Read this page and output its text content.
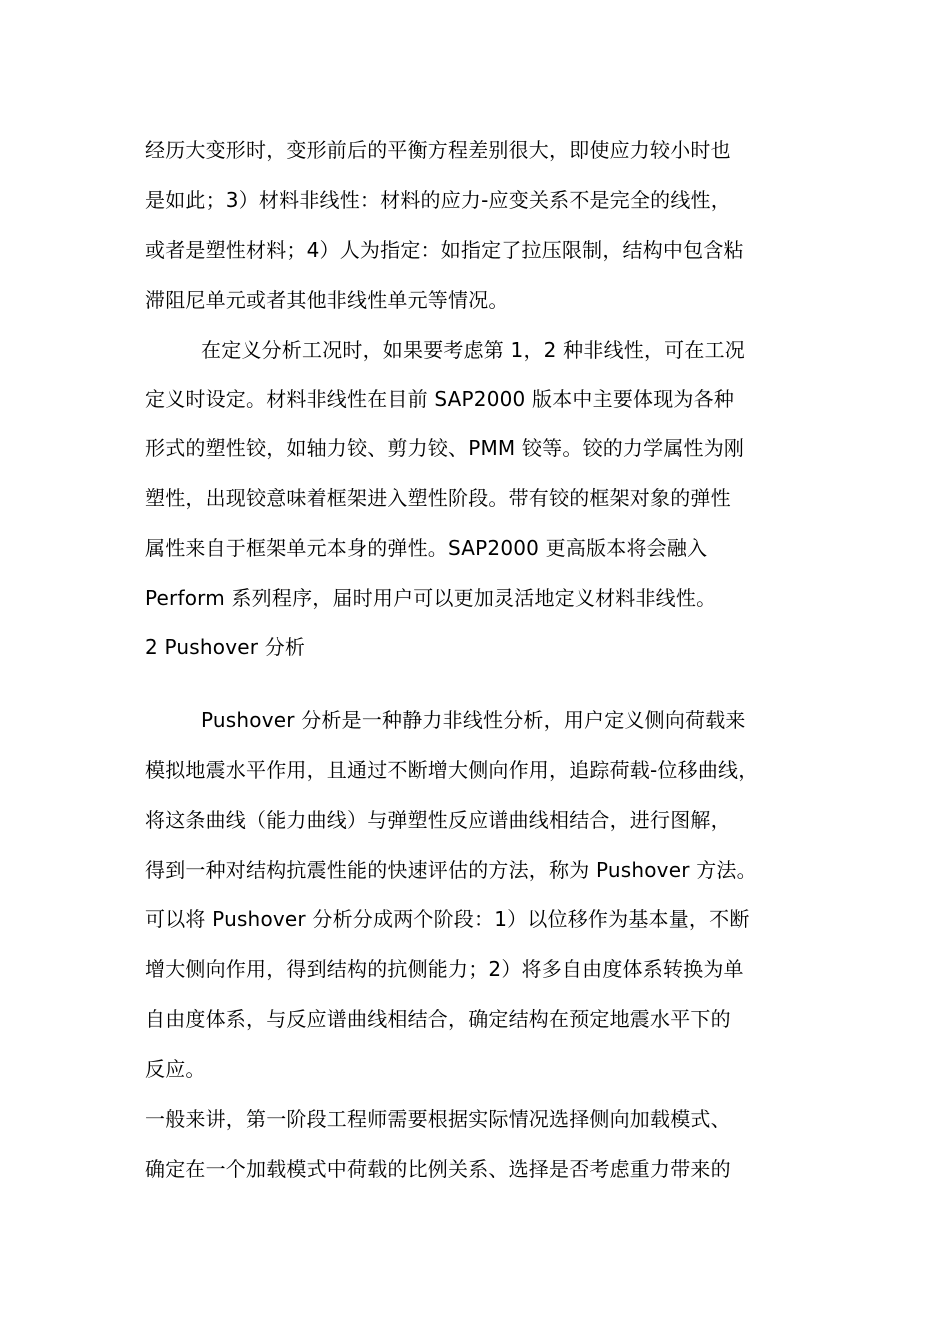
经历大变形时，变形前后的平衡方程差别很大，即使应力较小时也
是如此；3）材料非线性：材料的应力-应变关系不是完全的线性，
或者是塑性材料；4）人为指定：如指定了拉压限制，结构中包含粘
滞阻尼单元或者其他非线性单元等情况。
在定义分析工况时，如果要考虑第 1，2 种非线性，可在工况
定义时设定。材料非线性在目前 SAP2000 版本中主要体现为各种
形式的塑性铰，如轴力铰、剪力铰、PMM 铰等。铰的力学属性为刚
塑性，出现铰意味着框架进入塑性阶段。带有铰的框架对象的弹性
属性来自于框架单元本身的弹性。SAP2000 更高版本将会融入
Perform 系列程序，届时用户可以更加灵活地定义材料非线性。
2 Pushover 分析
Pushover 分析是一种静力非线性分析，用户定义侧向荷载来
模拟地震水平作用，且通过不断增大侧向作用，追踪荷载-位移曲线，
将这条曲线（能力曲线）与弹塑性反应谱曲线相结合，进行图解，
得到一种对结构抗震性能的快速评估的方法，称为 Pushover 方法。
可以将 Pushover 分析分成两个阶段：1）以位移作为基本量，不断
增大侧向作用，得到结构的抗侧能力；2）将多自由度体系转换为单
自由度体系，与反应谱曲线相结合，确定结构在预定地震水平下的
反应。
一般来讲，第一阶段工程师需要根据实际情况选择侧向加载模式、
确定在一个加载模式中荷载的比例关系、选择是否考虑重力带来的
